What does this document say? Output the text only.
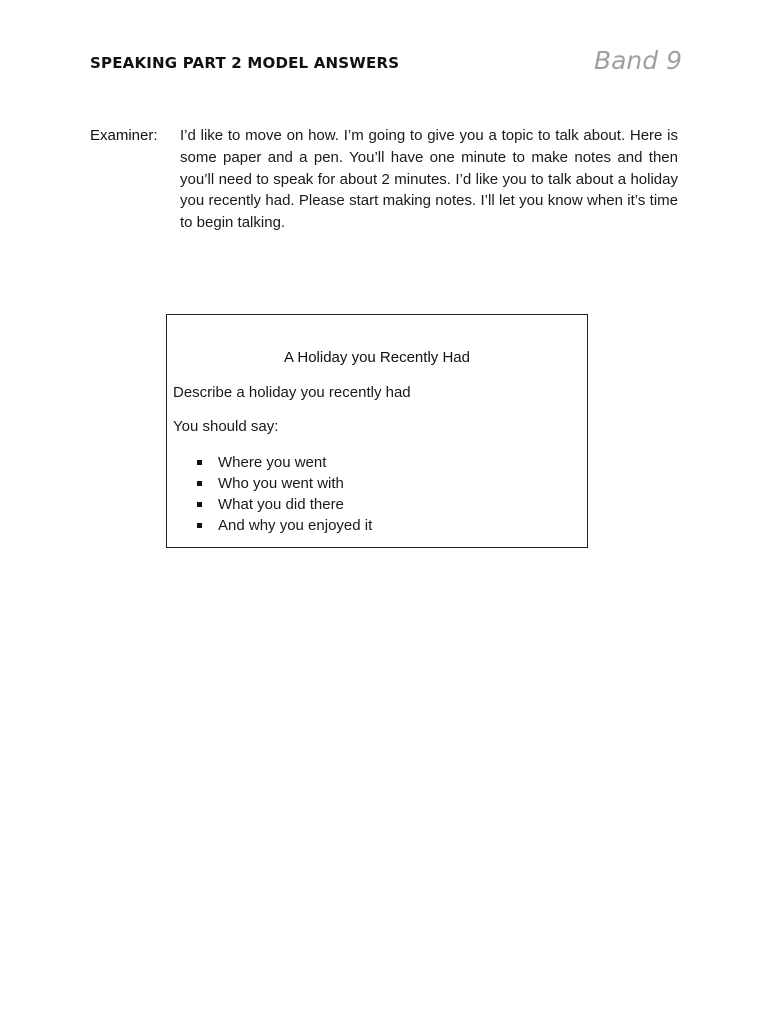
SPEAKING PART 2 MODEL ANSWERS	Band 9
Examiner: I’d like to move on how. I’m going to give you a topic to talk about. Here is some paper and a pen. You’ll have one minute to make notes and then you’ll need to speak for about 2 minutes. I’d like you to talk about a holiday you recently had. Please start making notes. I’ll let you know when it’s time to begin talking.
A Holiday you Recently Had
Describe a holiday you recently had
You should say:
Where you went
Who you went with
What you did there
And why you enjoyed it
